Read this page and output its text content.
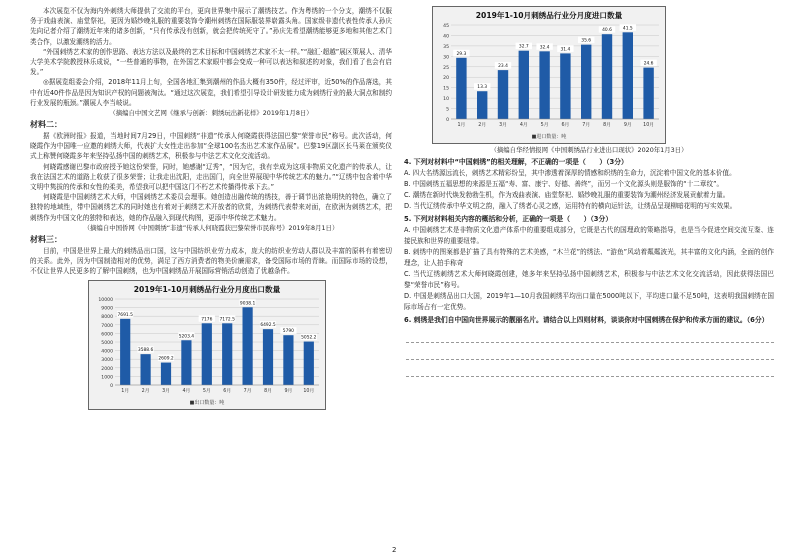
本次展览不仅为海内外刺绣大师提供了交流的平台，更向世界集中展示了潮绣技艺。作为粤绣的一个分支，潮绣不仅服务于戏曲表演、庙堂祭祀，更因为婚纱晚礼服的重要装饰令潮州刺绣在国际服装界崭露头角。国家级非遗代表性传承人孙庆先向记者介绍了潮绣近年来的诸多创新，“只有传承没有创新，就会把传统死守了。”孙庆先希望潮绣能够更多地和其他艺术门类合作，以激发潮绣的活力。

“外国刺绣艺术家的创作思路、表达方法以及最终的艺术目标和中国刺绣艺术家不太一样。”“融汇·超越”展区策展人、清华大学美术学院教授林乐成说，“一些普通的事物，在外国艺术家眼中都会变成一种可以表达和叙述的对象，我们看了也会有启发。”

◎据展览组委会介绍，2018年11月上旬，全国各地汇集到潮州的作品大概有350件，经过评审，近50%的作品落选，其中有近40件作品是因为知识产权的问题被淘汰。“通过这次展览，我们希望引导设计研发能力成为刺绣行业的最大洞点和制约行业发展的瓶颈。”潮展人李当岐说。

（摘编自中国文艺网《继承与创新：刺绣玩出新花样》2019年1月8日）

材料二：

据《欧洲时报》报道，当地时间7月29日，中国刺绣“非遗”传承人何晓霞获得法国巴黎“荣誉市民”称号。此次活动，何晓霞作为中国唯一应邀的刺绣大师，代表扩大女性走出参加“全球100名杰出艺术家作品展”。巴黎19区副区长马莱在颁奖仪式上称赞何晓霞多年来坚持弘扬中国的刺绣艺术，积极参与中法艺术文化交流活动。

何晓霞感谢巴黎市政府授予她这份荣誉，同时，她感谢“辽秀”，“因为它，我有幸成为这项非物质文化遗产的传承人，让我在法国艺术的道路上收获了很多荣誉；让我走出沈阳，走出国门，向全世界展现中华传统艺术的魅力。”“辽绣中包含着中华文明中隽拔的传承和女性的柔美，希望我可以把中国这门不朽艺术传播得传承下去。”

何晓霞是中国刺绣艺术大师，中国刺绣艺术委员会理事。她创造出融传统的绣技，善于调节出浓艳明快的特色，确立了独特的地域性，带中国刺绣艺术的同时她也有着对于刺绣艺术开放者的欣赏，为刺绣代表带来对面，在欧洲为刺绣艺术，把刺绣作为中国文化的独特和表达，她的作品融入到现代构图，更添中华传统艺术魅力。

（摘编自中国侨网《中国刺绣“非遗”传承人何晓霞获巴黎荣誉市民称号》2019年8月1日）

材料三：

目前，中国是世界上最大的刺绣品出口国，这与中国纺织业劳力成本，庞大的纺织业劳动人群以及丰富的原料有着密切的关系。此外，因为中国制造相对的优势，满足了西方消费者的物美价廉需求，备受国际市场的青睐。而国际市场的设想，不仅让世界人民更多的了解中国刺绣，也为中国刺绣品开展国际营销活动创造了优越条件。

2019年1-10月刺绣品行业分月度出口数量
0
1000
2000
3000
4000
5000
6000
7000
8000
9000
10000
7691.5
1月
3588.6
2月
2609.2
3月
5203.4
4月
7176
5月
7172.5
6月
9038.1
7月
6492.5
8月
5790
9月
5052.2
10月
■出口数量：吨
2019年1-10月刺绣品行业分月度进口数量
0
5
10
15
20
25
30
35
40
45
29.3
1月
13.3
2月
23.4
3月
32.7
4月
32.4
5月
31.4
6月
35.6
7月
40.6
8月
41.5
9月
24.6
10月
■进口数量：吨

（摘编自华经情报网《中国刺绣品行业进出口现状》2020年1月3日）

4. 下列对材料中“中国刺绣”的相关理解，不正确的一项是（　　）（3分）

A. 四大名绣源远流长，刺绣艺术精彩纷呈，其中渗透着深厚的情感和织绣的生命力，沉淀着中国文化的基本价值。

B. 中国刺绣五福思想的来源是五福“寿、富、康宁、好德、善终”，而另一个文化源头则是服饰的“十二章纹”。

C. 潮绣在新时代焕发勃勃生机，作为戏曲表演、庙堂祭祀、婚纱晚礼服的重要装饰为潮州经济发展贡献着力量。

D. 当代辽绣传承中华文明之韵，融入了绣者心灵之感，运用特有的横向运针法，让绣品呈现柳暗花明的写实效果。

5. 下列对材料相关内容的概括和分析，正确的一项是（　　）（3分）

A. 中国刺绣艺术是非物质文化遗产体系中的重要组成部分，它既是古代的国理政的策略指导，也是当今促进空间交流互鉴、连接民族和世界的重要纽带。

B. 刺绣中的图案都是扩描了具有特殊的艺术美感，“木兰花”的绣法、“游鱼”风动着粼粼波光，其丰富的文化内涵，全面的创作理念，让人拍手称奇

C. 当代辽绣刺绣艺术大师何晓霞创建，她多年来坚持弘扬中国刺绣艺术，积极参与中法艺术文化交流活动，因此获得法国巴黎“荣誉市民”称号。

D. 中国是刺绣品出口大国，2019年1—10月我国刺绣平均出口量在5000吨以下，平均进口量不足50吨，这表明我国刺绣在国际市场占有一定优势。

6. 刺绣是我们自中国向世界展示的靓丽名片。请结合以上四则材料，谈谈你对中国刺绣在保护和传承方面的建议。（6分）

2
